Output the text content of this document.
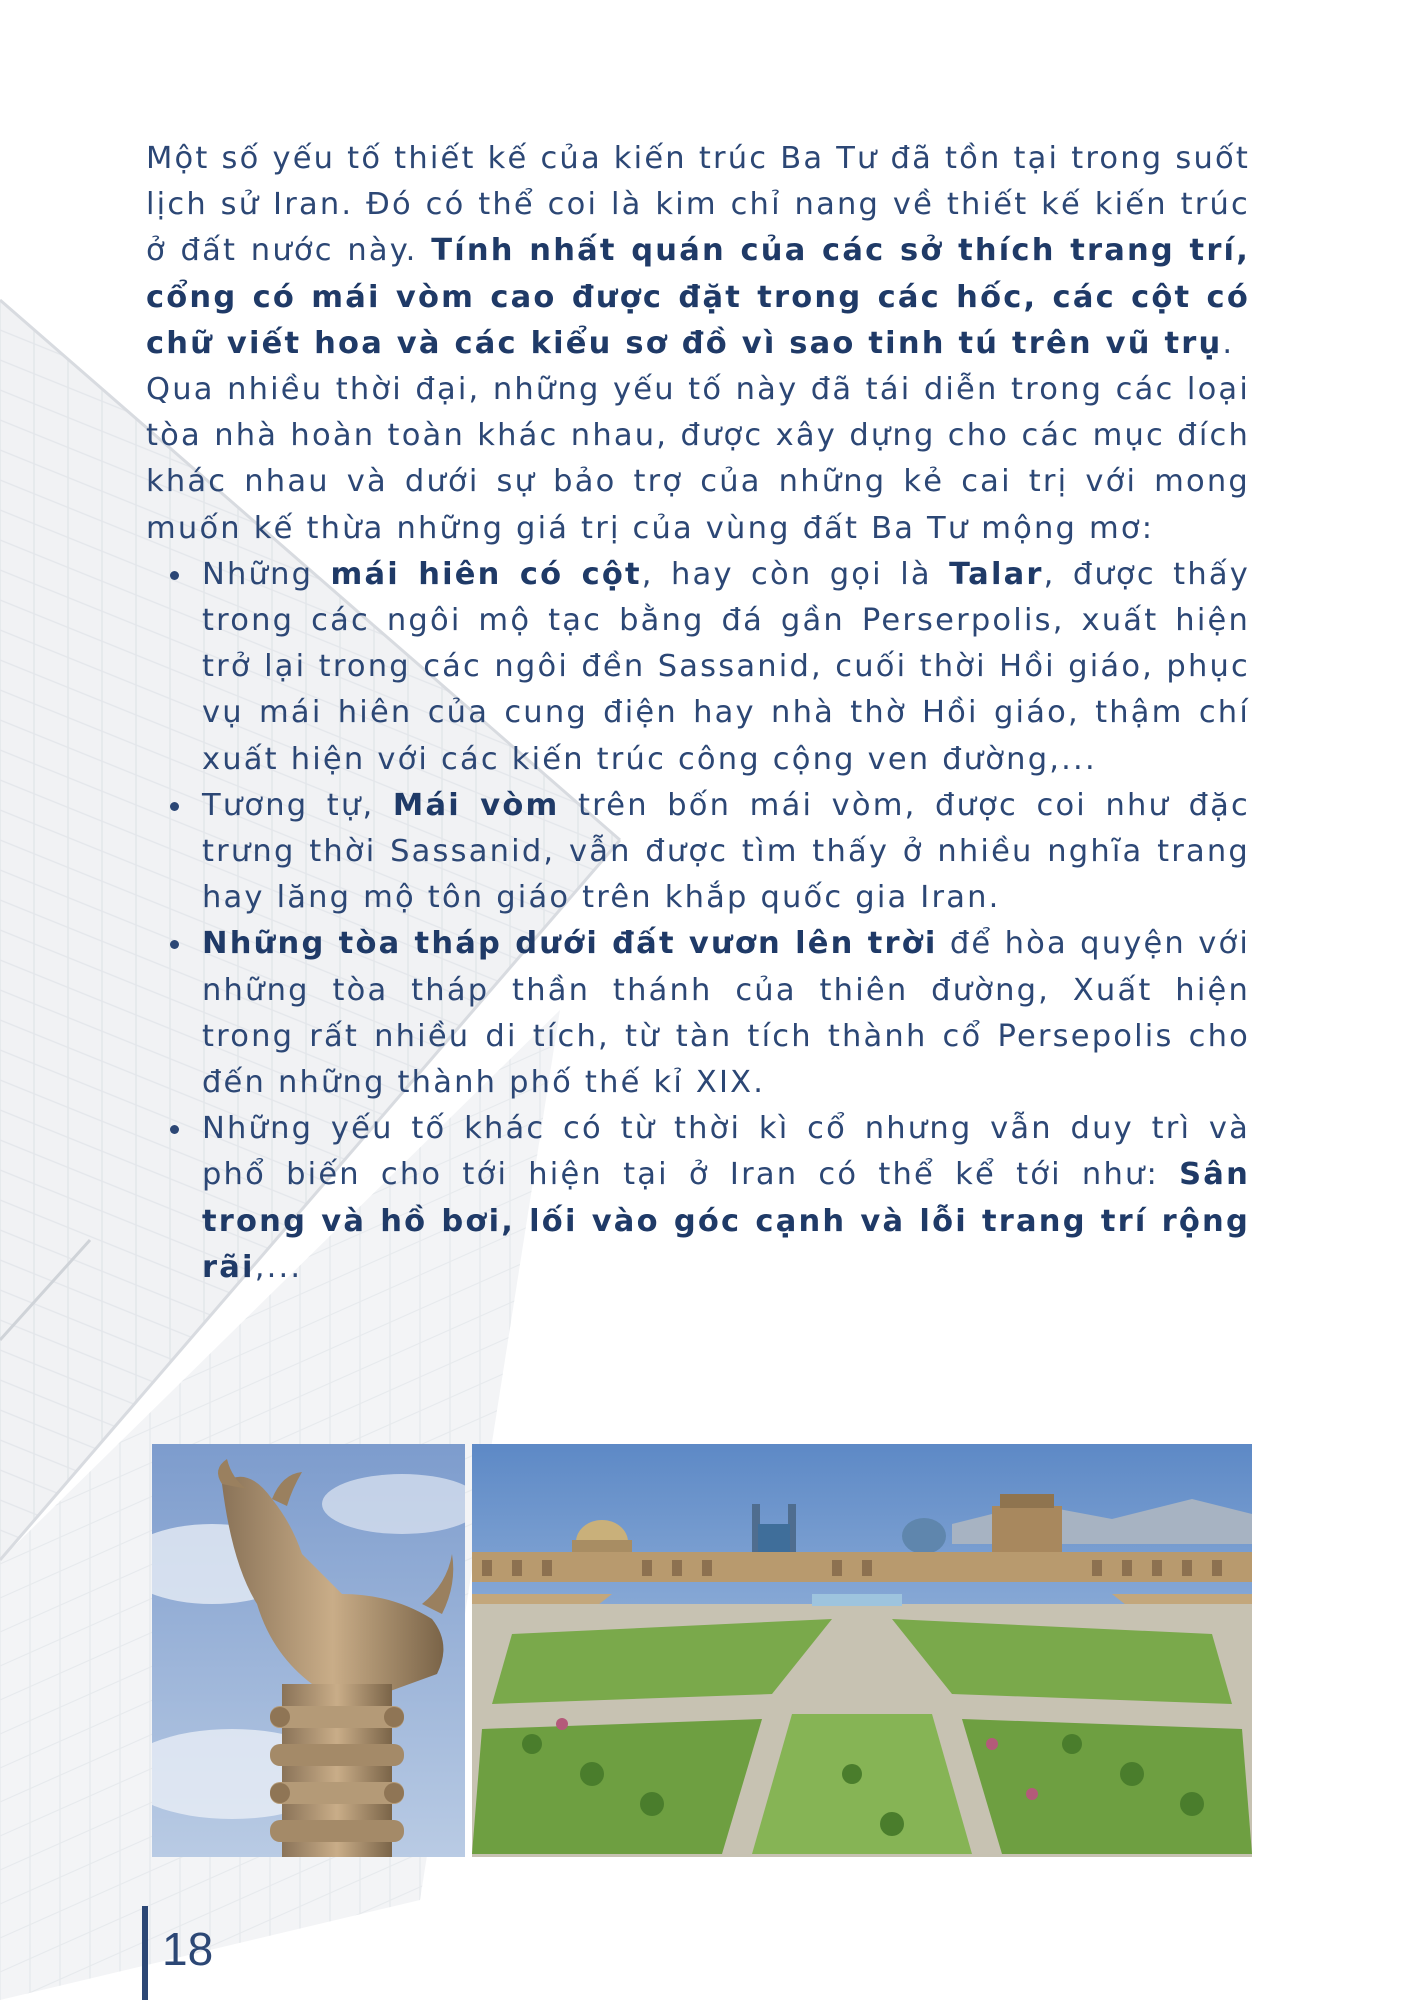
Một số yếu tố thiết kế của kiến trúc Ba Tư đã tồn tại trong suốt lịch sử Iran. Đó có thể coi là kim chỉ nang về thiết kế kiến trúc ở đất nước này. Tính nhất quán của các sở thích trang trí, cổng có mái vòm cao được đặt trong các hốc, các cột có chữ viết hoa và các kiểu sơ đồ vì sao tinh tú trên vũ trụ.

Qua nhiều thời đại, những yếu tố này đã tái diễn trong các loại tòa nhà hoàn toàn khác nhau, được xây dựng cho các mục đích khác nhau và dưới sự bảo trợ của những kẻ cai trị với mong muốn kế thừa những giá trị của vùng đất Ba Tư mộng mơ:

Những mái hiên có cột, hay còn gọi là Talar, được thấy trong các ngôi mộ tạc bằng đá gần Perserpolis, xuất hiện trở lại trong các ngôi đền Sassanid, cuối thời Hồi giáo, phục vụ mái hiên của cung điện hay nhà thờ Hồi giáo, thậm chí xuất hiện với các kiến trúc công cộng ven đường,...
Tương tự, Mái vòm trên bốn mái vòm, được coi như đặc trưng thời Sassanid, vẫn được tìm thấy ở nhiều nghĩa trang hay lăng mộ tôn giáo trên khắp quốc gia Iran.
Những tòa tháp dưới đất vươn lên trời để hòa quyện với những tòa tháp thần thánh của thiên đường, Xuất hiện trong rất nhiều di tích, từ tàn tích thành cổ Persepolis cho đến những thành phố thế kỉ XIX.
Những yếu tố khác có từ thời kì cổ nhưng vẫn duy trì và phổ biến cho tới hiện tại ở Iran có thể kể tới như: Sân trong và hồ bơi, lối vào góc cạnh và lỗi trang trí rộng rãi,...
18
